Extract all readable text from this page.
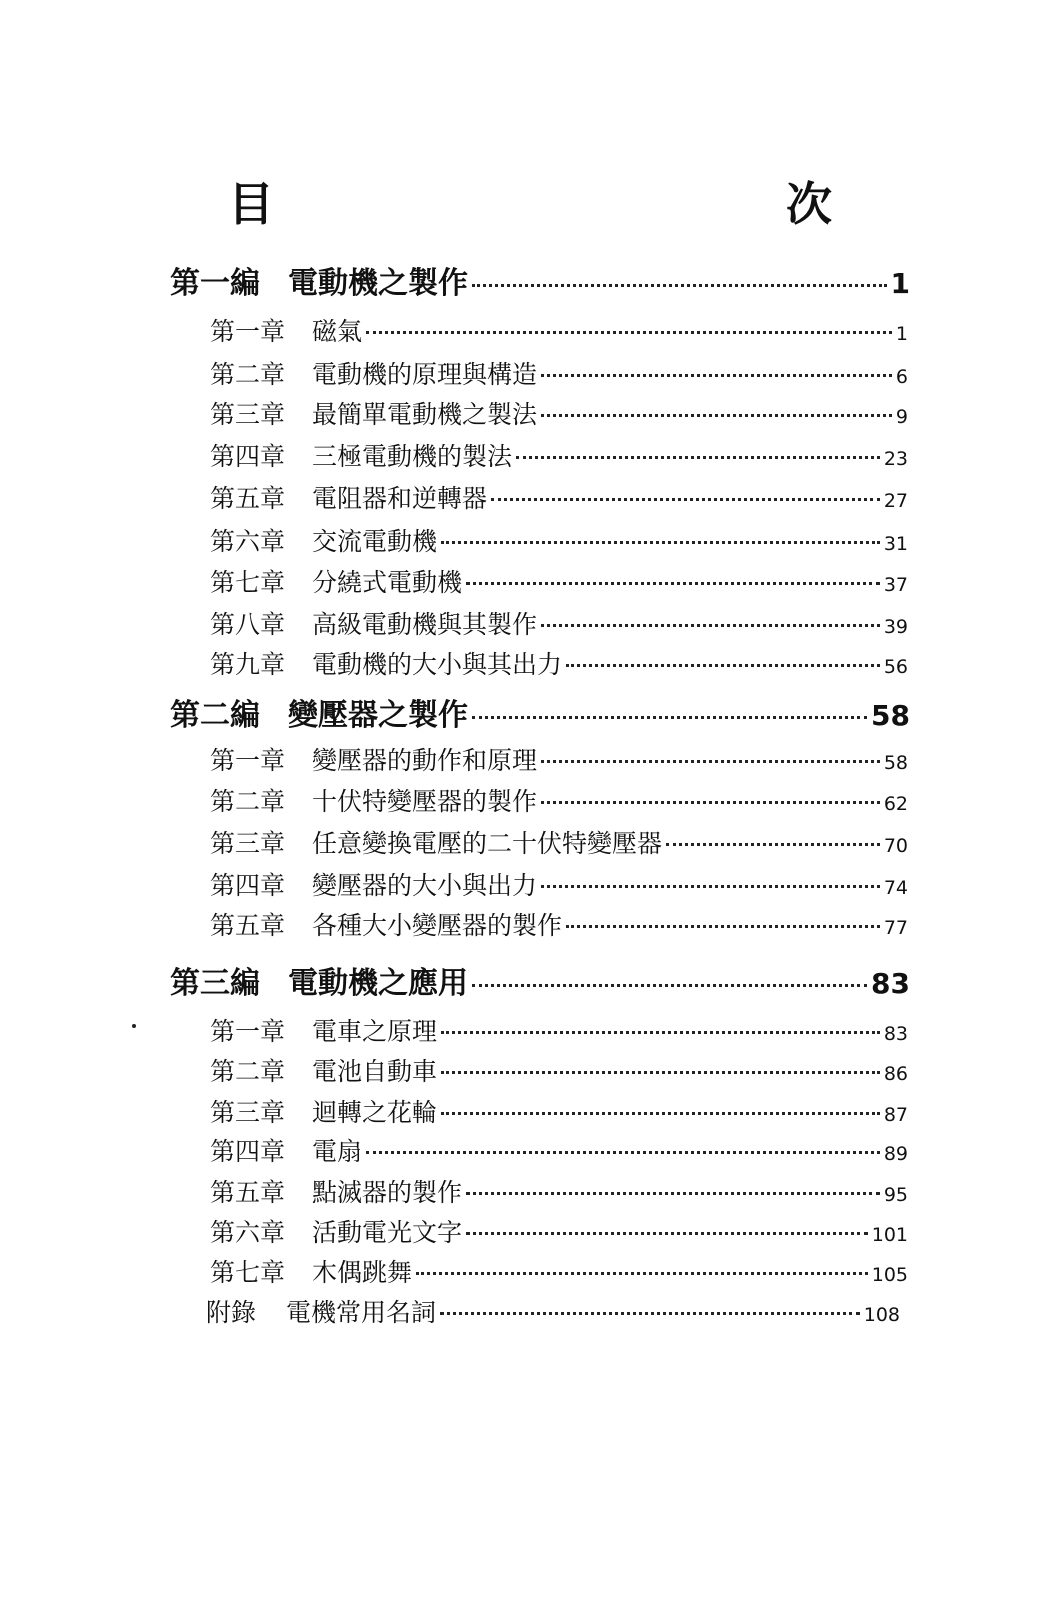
目　　次
第一編 電動機之製作	1
第一章	磁氣	1
第二章	電動機的原理與構造	6
第三章	最簡單電動機之製法	9
第四章	三極電動機的製法	23
第五章	電阻器和逆轉器	27
第六章	交流電動機	31
第七章	分繞式電動機	37
第八章	高級電動機與其製作	39
第九章	電動機的大小與其出力	56
第二編 變壓器之製作	58
第一章	變壓器的動作和原理	58
第二章	十伏特變壓器的製作	62
第三章	任意變換電壓的二十伏特變壓器	70
第四章	變壓器的大小與出力	74
第五章	各種大小變壓器的製作	77
第三編 電動機之應用	83
第一章	電車之原理	83
第二章	電池自動車	86
第三章	迴轉之花輪	87
第四章	電扇	89
第五章	點滅器的製作	95
第六章	活動電光文字	101
第七章	木偶跳舞	105
附錄	電機常用名詞	108
